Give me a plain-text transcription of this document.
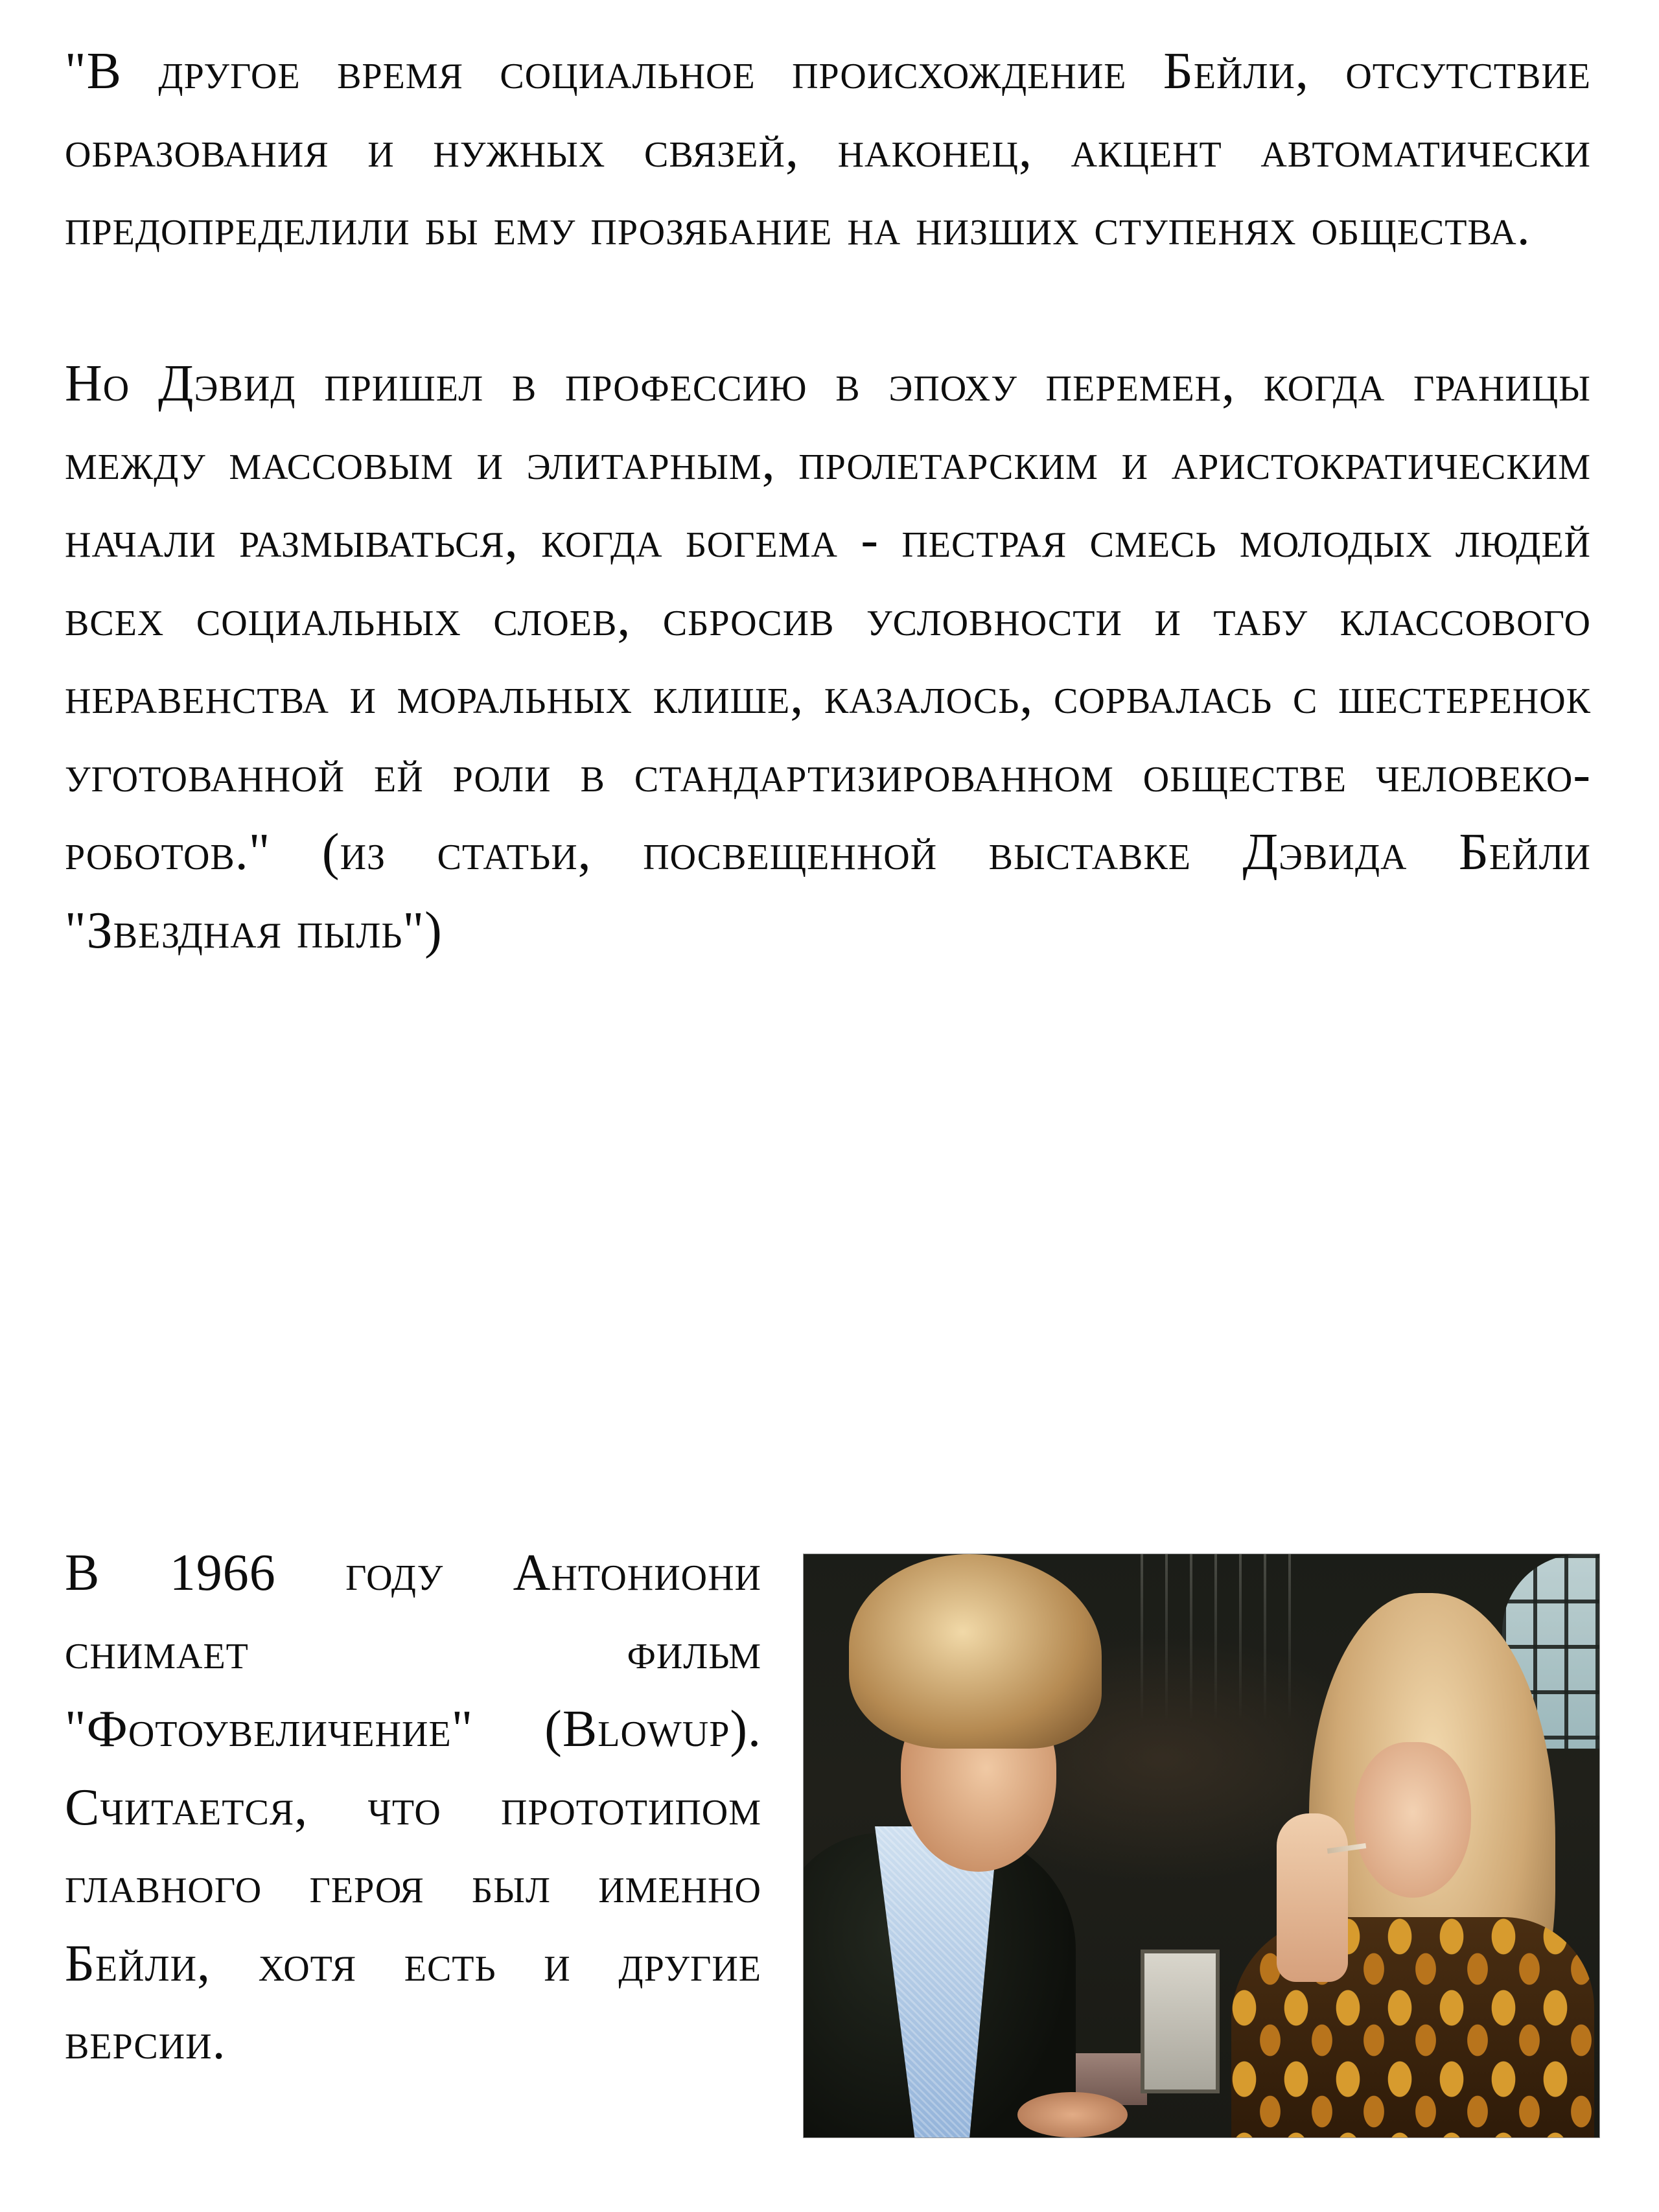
"В другое время социальное происхождение Бейли, отсутствие образования и нужных связей, наконец, акцент автоматически предопределили бы ему прозябание на низших ступенях общества.

Но Дэвид пришел в профессию в эпоху перемен, когда границы между массовым и элитарным, пролетарским и аристократическим начали размываться, когда богема - пестрая смесь молодых людей всех социальных слоев, сбросив условности и табу классового неравенства и моральных клише, казалось, сорвалась с шестеренок уготованной ей роли в стандартизированном обществе человеко-роботов." (из статьи, посвещенной выставке Дэвида Бейли "Звездная пыль")

В 1966 году Антониони снимает фильм "Фотоувеличение" (Blowup). Считается, что прототипом главного героя был именно Бейли, хотя есть и другие версии.
